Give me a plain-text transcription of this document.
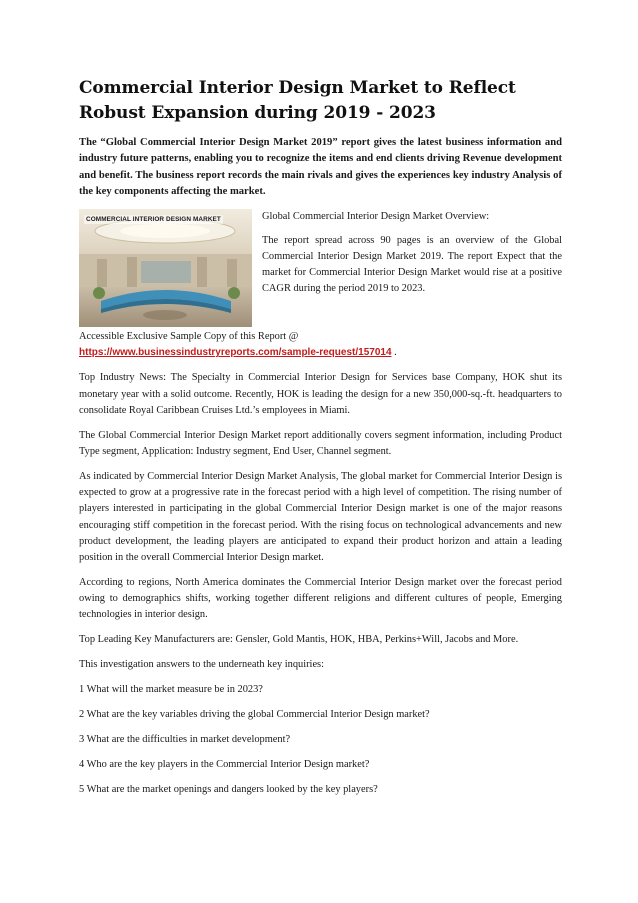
Commercial Interior Design Market to Reflect Robust Expansion during 2019 - 2023

The “Global Commercial Interior Design Market 2019” report gives the latest business information and industry future patterns, enabling you to recognize the items and end clients driving Revenue development and benefit. The business report records the main rivals and gives the experiences key industry Analysis of the key components affecting the market.

COMMERCIAL INTERIOR DESIGN MARKET	Global Commercial Interior Design Market Overview:

The report spread across 90 pages is an overview of the Global Commercial Interior Design Market 2019. The report Expect that the market for Commercial Interior Design Market would rise at a positive CAGR during the period 2019 to 2023.

Accessible Exclusive Sample Copy of this Report @
https://www.businessindustryreports.com/sample-request/157014 .

Top Industry News: The Specialty in Commercial Interior Design for Services base Company, HOK shut its monetary year with a solid outcome. Recently, HOK is leading the design for a new 350,000-sq.-ft. headquarters to consolidate Royal Caribbean Cruises Ltd.’s employees in Miami.

The Global Commercial Interior Design Market report additionally covers segment information, including Product Type segment, Application: Industry segment, End User, Channel segment.

As indicated by Commercial Interior Design Market Analysis, The global market for Commercial Interior Design is expected to grow at a progressive rate in the forecast period with a high level of competition. The rising number of players interested in participating in the global Commercial Interior Design market is one of the major reasons encouraging stiff competition in the forecast period. With the rising focus on technological advancements and new product development, the leading players are anticipated to expand their product horizon and attain a leading position in the overall Commercial Interior Design market.

According to regions, North America dominates the Commercial Interior Design market over the forecast period owing to demographics shifts, working together different religions and different cultures of people, Emerging technologies in interior design.

Top Leading Key Manufacturers are: Gensler, Gold Mantis, HOK, HBA, Perkins+Will, Jacobs and More.

This investigation answers to the underneath key inquiries:

1 What will the market measure be in 2023?

2 What are the key variables driving the global Commercial Interior Design market?

3 What are the difficulties in market development?

4 Who are the key players in the Commercial Interior Design market?

5 What are the market openings and dangers looked by the key players?
